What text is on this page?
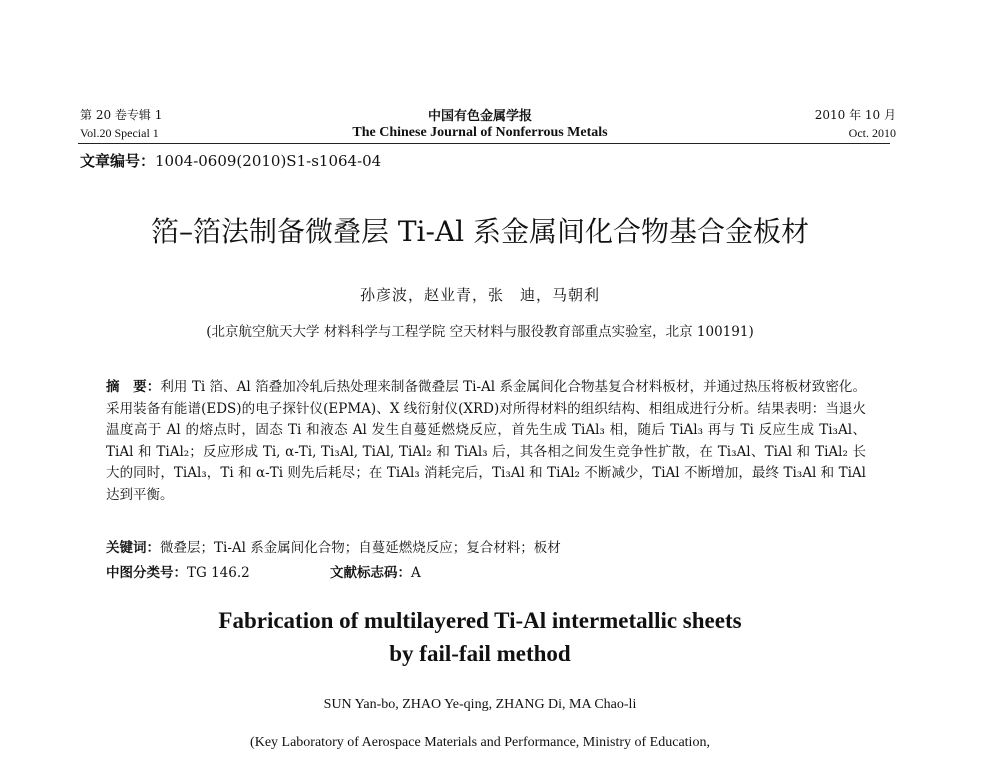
第 20 卷专辑 1
Vol.20 Special 1
中国有色金属学报
The Chinese Journal of Nonferrous Metals
2010 年 10 月
Oct. 2010
文章编号：1004-0609(2010)S1-s1064-04
箔–箔法制备微叠层 Ti-Al 系金属间化合物基合金板材
孙彦波，赵业青，张　迪，马朝利
(北京航空航天大学 材料科学与工程学院 空天材料与服役教育部重点实验室，北京 100191)
摘　要：利用 Ti 箔、Al 箔叠加冷轧后热处理来制备微叠层 Ti-Al 系金属间化合物基复合材料板材，并通过热压将板材致密化。采用装备有能谱(EDS)的电子探针仪(EPMA)、X 线衍射仪(XRD)对所得材料的组织结构、相组成进行分析。结果表明：当退火温度高于 Al 的熔点时，固态 Ti 和液态 Al 发生自蔓延燃烧反应，首先生成 TiAl₃ 相，随后 TiAl₃ 再与 Ti 反应生成 Ti₃Al、TiAl 和 TiAl₂；反应形成 Ti, α-Ti, Ti₃Al, TiAl, TiAl₂ 和 TiAl₃ 后，其各相之间发生竞争性扩散，在 Ti₃Al、TiAl 和 TiAl₂ 长大的同时，TiAl₃，Ti 和 α-Ti 则先后耗尽；在 TiAl₃ 消耗完后，Ti₃Al 和 TiAl₂ 不断减少，TiAl 不断增加，最终 Ti₃Al 和 TiAl 达到平衡。
关键词：微叠层；Ti-Al 系金属间化合物；自蔓延燃烧反应；复合材料；板材
中图分类号：TG 146.2	文献标志码：A
Fabrication of multilayered Ti-Al intermetallic sheets
by fail-fail method
SUN Yan-bo, ZHAO Ye-qing, ZHANG Di, MA Chao-li
(Key Laboratory of Aerospace Materials and Performance, Ministry of Education,
